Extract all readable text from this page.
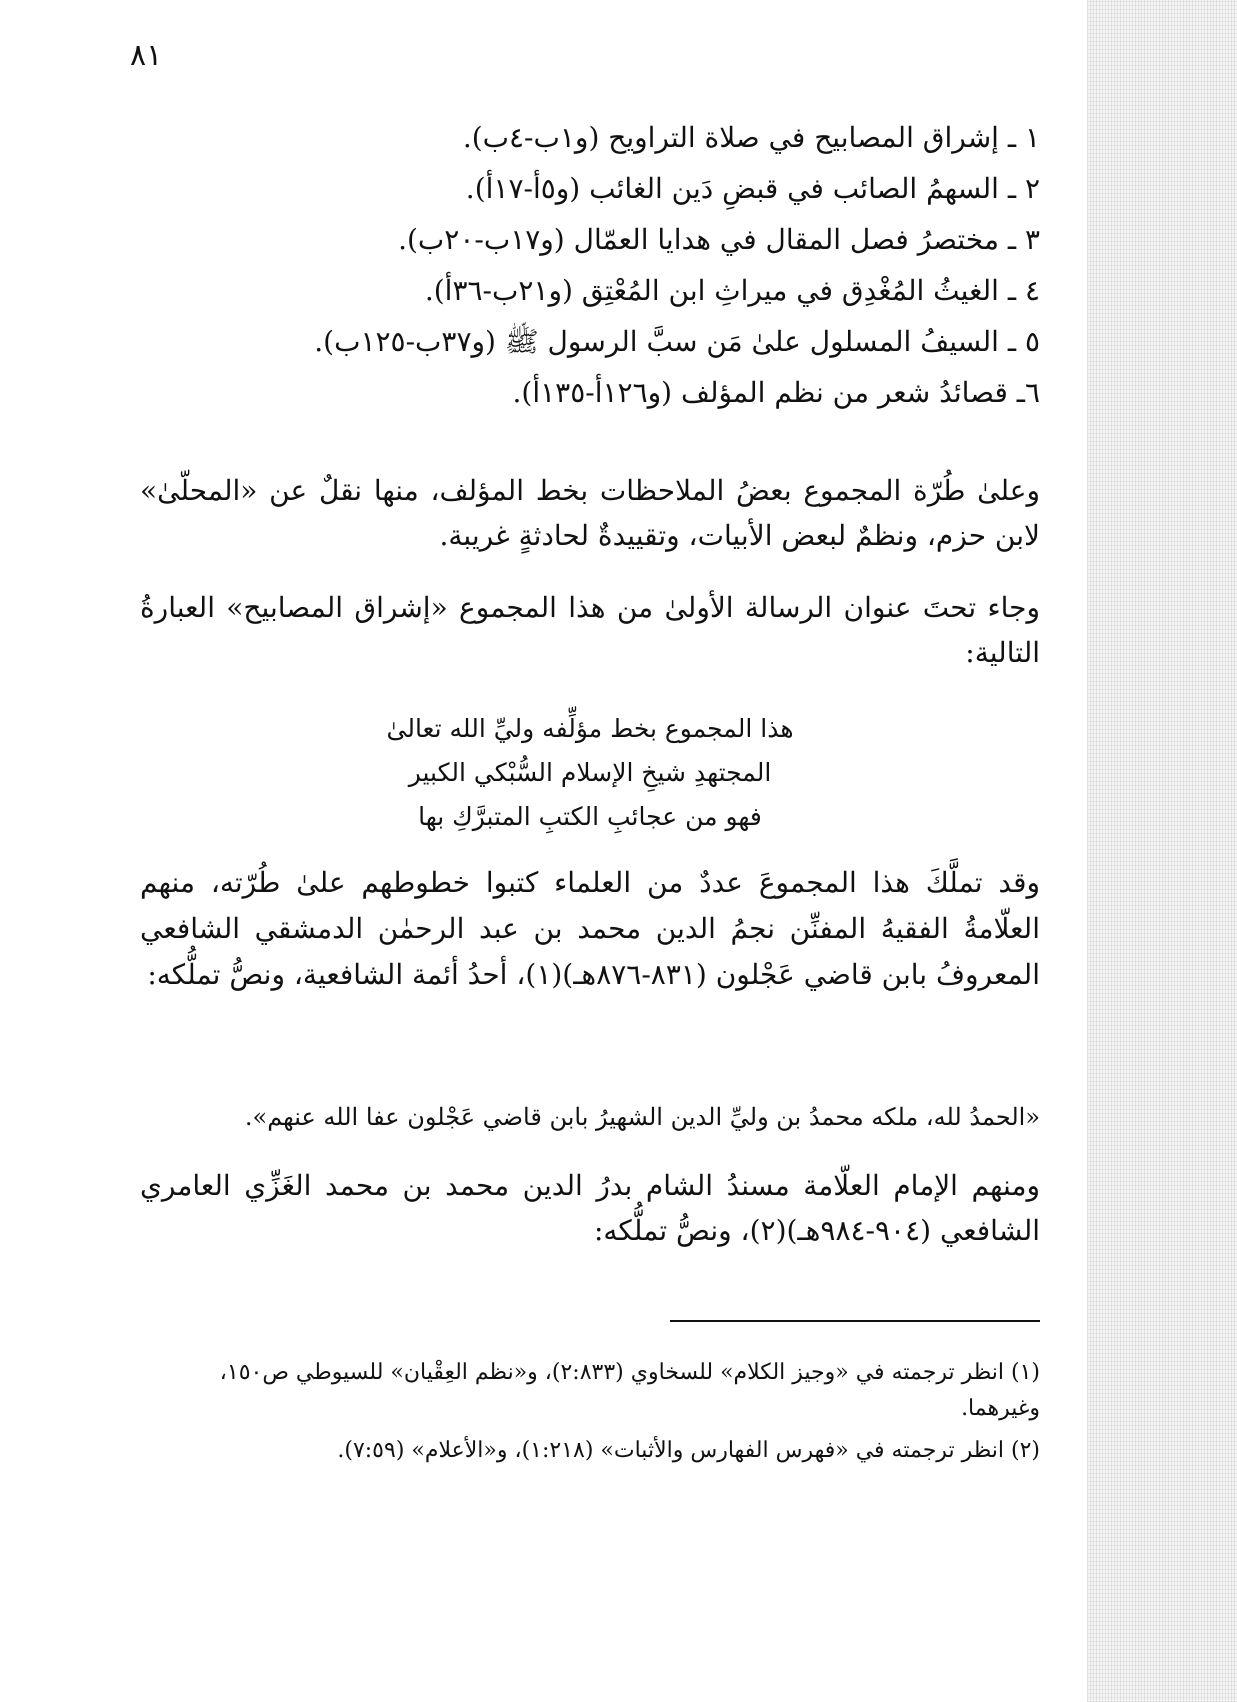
٨١
١ ـ إشراق المصابيح في صلاة التراويح (و١ب-٤ب).
٢ ـ السهمُ الصائب في قبضِ دَين الغائب (و٥أ-١٧أ).
٣ ـ مختصرُ فصل المقال في هدايا العمّال (و١٧ب-٢٠ب).
٤ ـ الغيثُ المُغْدِق في ميراثِ ابن المُعْتِق (و٢١ب-٣٦أ).
٥ ـ السيفُ المسلول علىٰ مَن سبَّ الرسول ﷺ (و٣٧ب-١٢٥ب).
٦ـ قصائدُ شعر من نظم المؤلف (و١٢٦أ-١٣٥أ).

وعلىٰ طُرّة المجموع بعضُ الملاحظات بخط المؤلف، منها نقلٌ عن «المحلّىٰ» لابن حزم، ونظمٌ لبعض الأبيات، وتقييدةٌ لحادثةٍ غريبة.

وجاء تحتَ عنوان الرسالة الأولىٰ من هذا المجموع «إشراق المصابيح» العبارةُ التالية:

هذا المجموع بخط مؤلِّفه وليِّ الله تعالىٰ
المجتهدِ شيخِ الإسلام السُّبْكي الكبير
فهو من عجائبِ الكتبِ المتبرَّكِ بها

وقد تملَّكَ هذا المجموعَ عددٌ من العلماء كتبوا خطوطهم علىٰ طُرّته، منهم العلّامةُ الفقيهُ المفنِّن نجمُ الدين محمد بن عبد الرحمٰن الدمشقي الشافعي المعروفُ بابن قاضي عَجْلون (٨٣١-٨٧٦هـ)(١)، أحدُ أئمة الشافعية، ونصُّ تملُّكه:

«الحمدُ لله، ملكه محمدُ بن وليِّ الدين الشهيرُ بابن قاضي عَجْلون عفا الله عنهم».

ومنهم الإمام العلّامة مسندُ الشام بدرُ الدين محمد بن محمد الغَزِّي العامري الشافعي (٩٠٤-٩٨٤هـ)(٢)، ونصُّ تملُّكه:

(١) انظر ترجمته في «وجيز الكلام» للسخاوي (٢:٨٣٣)، و«نظم العِقْيان» للسيوطي ص١٥٠، وغيرهما.

(٢) انظر ترجمته في «فهرس الفهارس والأثبات» (١:٢١٨)، و«الأعلام» (٧:٥٩).
